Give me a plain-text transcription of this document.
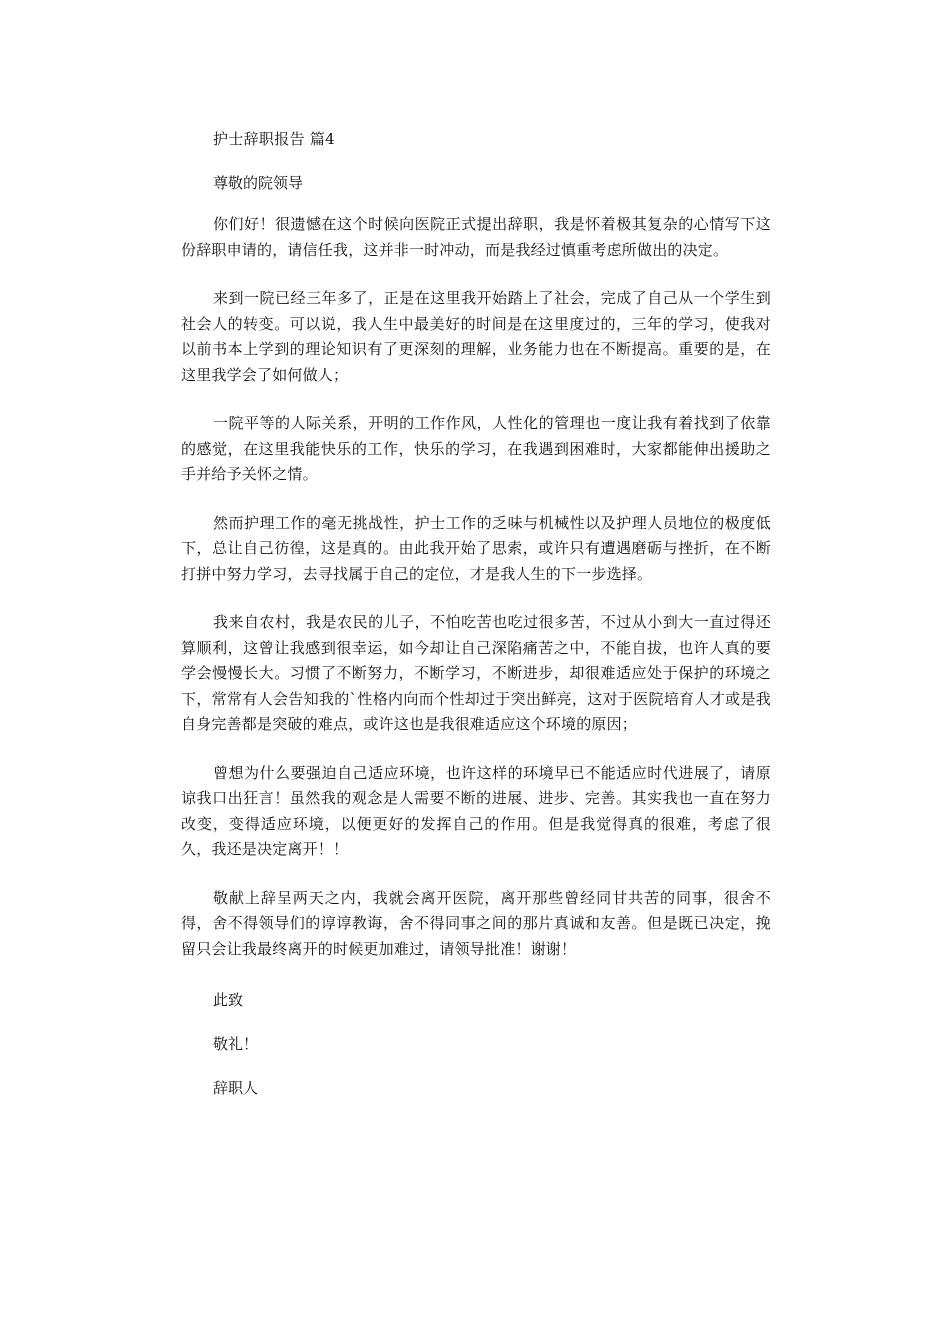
护士辞职报告 篇4

尊敬的院领导

你们好！很遗憾在这个时候向医院正式提出辞职，我是怀着极其复杂的心情写下这份辞职申请的，请信任我，这并非一时冲动，而是我经过慎重考虑所做出的决定。

来到一院已经三年多了，正是在这里我开始踏上了社会，完成了自己从一个学生到社会人的转变。可以说，我人生中最美好的时间是在这里度过的，三年的学习，使我对以前书本上学到的理论知识有了更深刻的理解，业务能力也在不断提高。重要的是，在这里我学会了如何做人；

一院平等的人际关系，开明的工作作风，人性化的管理也一度让我有着找到了依靠的感觉，在这里我能快乐的工作，快乐的学习，在我遇到困难时，大家都能伸出援助之手并给予关怀之情。

然而护理工作的毫无挑战性，护士工作的乏味与机械性以及护理人员地位的极度低下，总让自己彷徨，这是真的。由此我开始了思索，或许只有遭遇磨砺与挫折，在不断打拼中努力学习，去寻找属于自己的定位，才是我人生的下一步选择。

我来自农村，我是农民的儿子，不怕吃苦也吃过很多苦，不过从小到大一直过得还算顺利，这曾让我感到很幸运，如今却让自己深陷痛苦之中，不能自拔，也许人真的要学会慢慢长大。习惯了不断努力，不断学习，不断进步，却很难适应处于保护的环境之下，常常有人会告知我的`性格内向而个性却过于突出鲜亮，这对于医院培育人才或是我自身完善都是突破的难点，或许这也是我很难适应这个环境的原因；

曾想为什么要强迫自己适应环境，也许这样的环境早已不能适应时代进展了，请原谅我口出狂言！虽然我的观念是人需要不断的进展、进步、完善。其实我也一直在努力改变，变得适应环境，以便更好的发挥自己的作用。但是我觉得真的很难，考虑了很久，我还是决定离开！！

敬献上辞呈两天之内，我就会离开医院，离开那些曾经同甘共苦的同事，很舍不得，舍不得领导们的谆谆教诲，舍不得同事之间的那片真诚和友善。但是既已决定，挽留只会让我最终离开的时候更加难过，请领导批准！谢谢！

此致

敬礼！

辞职人
